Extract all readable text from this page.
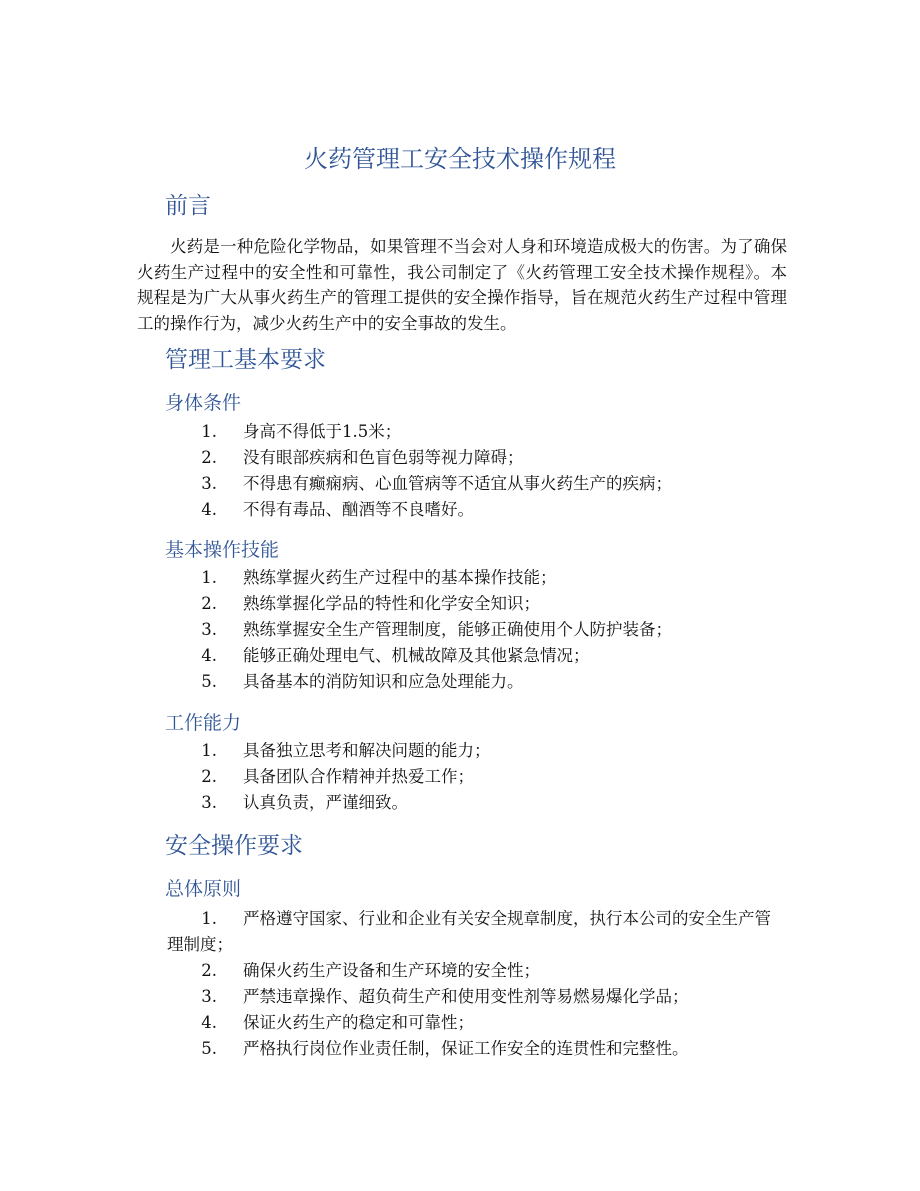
火药管理工安全技术操作规程
前言
火药是一种危险化学物品，如果管理不当会对人身和环境造成极大的伤害。为了确保火药生产过程中的安全性和可靠性，我公司制定了《火药管理工安全技术操作规程》。本规程是为广大从事火药生产的管理工提供的安全操作指导，旨在规范火药生产过程中管理工的操作行为，减少火药生产中的安全事故的发生。
管理工基本要求
身体条件
1.	身高不得低于1.5米；
2.	没有眼部疾病和色盲色弱等视力障碍；
3.	不得患有癫痫病、心血管病等不适宜从事火药生产的疾病；
4.	不得有毒品、酗酒等不良嗜好。
基本操作技能
1.	熟练掌握火药生产过程中的基本操作技能；
2.	熟练掌握化学品的特性和化学安全知识；
3.	熟练掌握安全生产管理制度，能够正确使用个人防护装备；
4.	能够正确处理电气、机械故障及其他紧急情况；
5.	具备基本的消防知识和应急处理能力。
工作能力
1.	具备独立思考和解决问题的能力；
2.	具备团队合作精神并热爱工作；
3.	认真负责，严谨细致。
安全操作要求
总体原则
1.	严格遵守国家、行业和企业有关安全规章制度，执行本公司的安全生产管理制度；
2.	确保火药生产设备和生产环境的安全性；
3.	严禁违章操作、超负荷生产和使用变性剂等易燃易爆化学品；
4.	保证火药生产的稳定和可靠性；
5.	严格执行岗位作业责任制，保证工作安全的连贯性和完整性。
